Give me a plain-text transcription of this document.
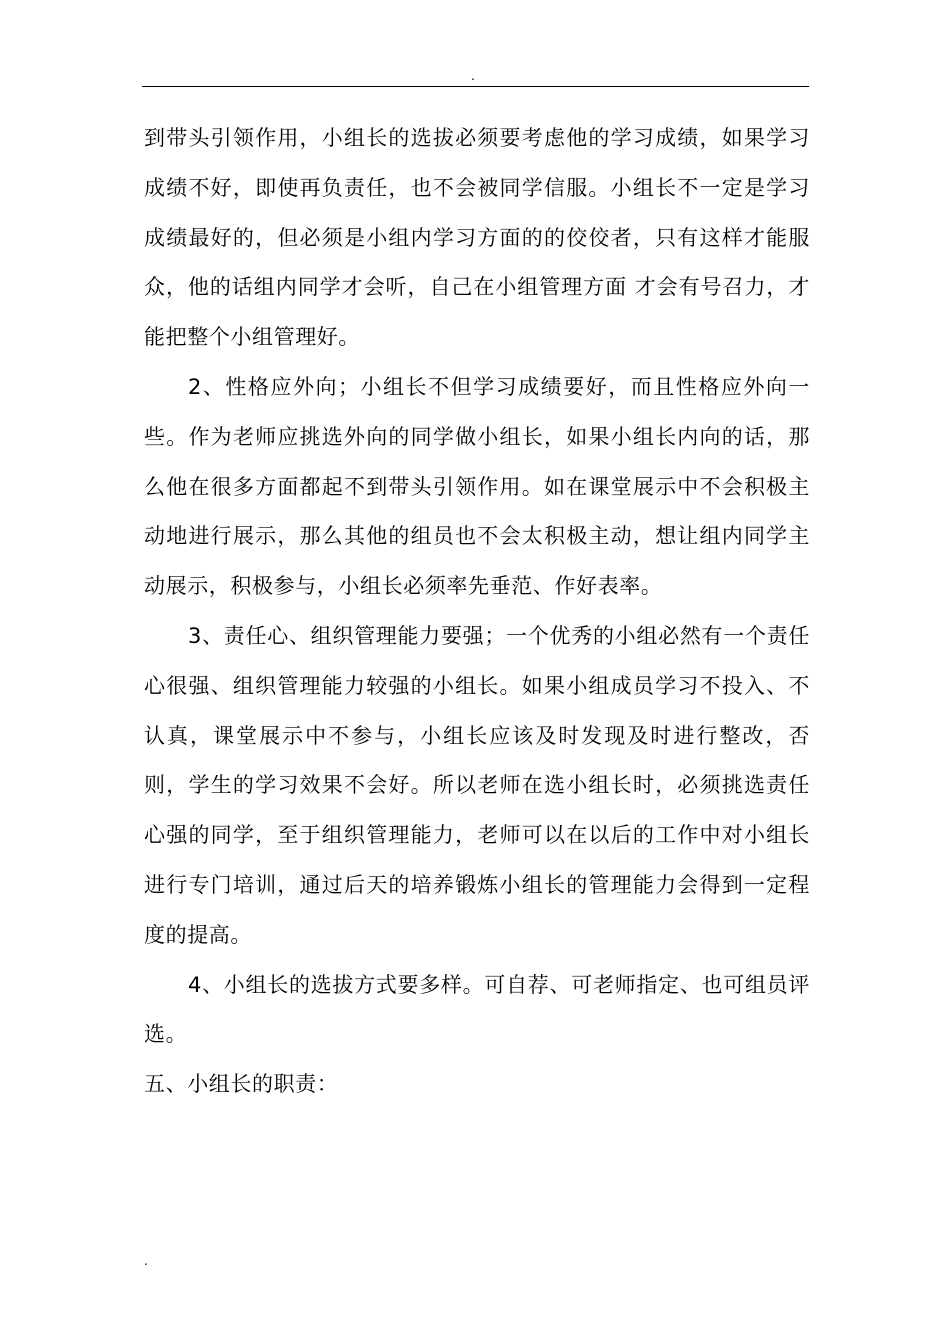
.

到带头引领作用，小组长的选拔必须要考虑他的学习成绩，如果学习成绩不好，即使再负责任，也不会被同学信服。小组长不一定是学习成绩最好的，但必须是小组内学习方面的的佼佼者，只有这样才能服众，他的话组内同学才会听，自己在小组管理方面 才会有号召力，才能把整个小组管理好。

2、性格应外向；小组长不但学习成绩要好，而且性格应外向一些。作为老师应挑选外向的同学做小组长，如果小组长内向的话，那么他在很多方面都起不到带头引领作用。如在课堂展示中不会积极主动地进行展示，那么其他的组员也不会太积极主动，想让组内同学主动展示，积极参与，小组长必须率先垂范、作好表率。

3、责任心、组织管理能力要强；一个优秀的小组必然有一个责任心很强、组织管理能力较强的小组长。如果小组成员学习不投入、不认真，课堂展示中不参与，小组长应该及时发现及时进行整改，否则，学生的学习效果不会好。所以老师在选小组长时，必须挑选责任心强的同学，至于组织管理能力，老师可以在以后的工作中对小组长进行专门培训，通过后天的培养锻炼小组长的管理能力会得到一定程度的提高。

4、小组长的选拔方式要多样。可自荐、可老师指定、也可组员评选。

五、小组长的职责：

.
